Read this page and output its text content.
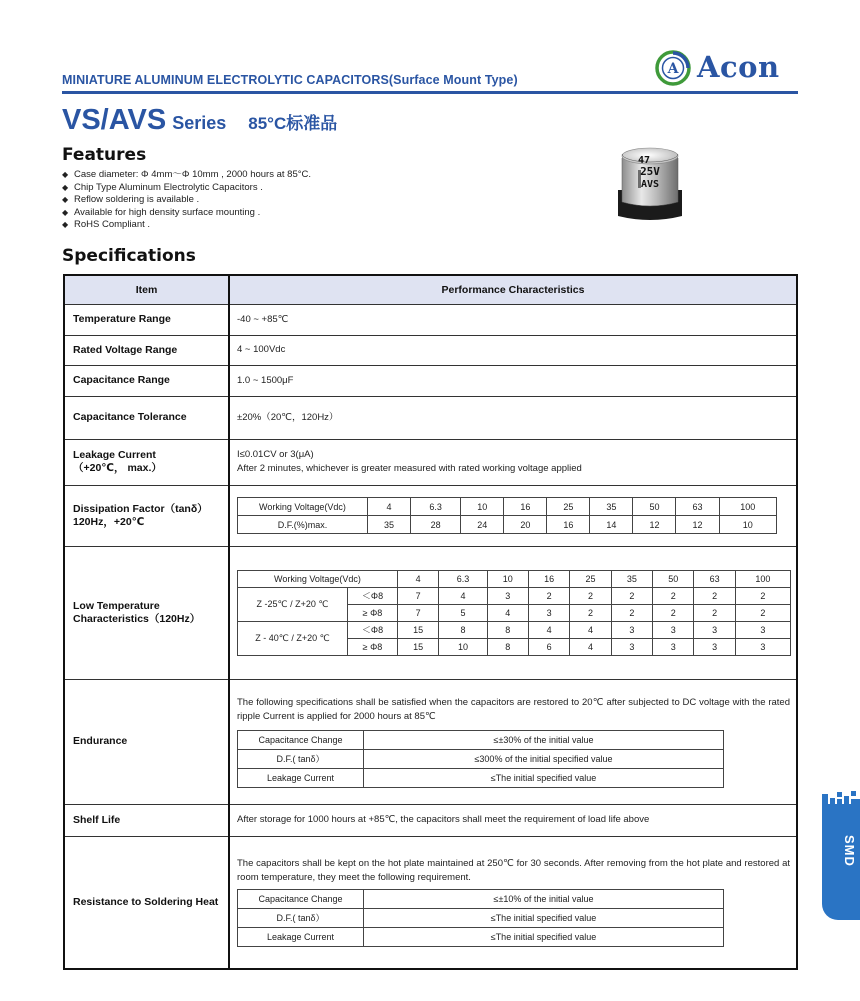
MINIATURE ALUMINUM ELECTROLYTIC CAPACITORS(Surface Mount Type)
A Acon
VS/AVS Series 85°C标准品
Features
◆ Case diameter: Φ 4mm～Φ 10mm , 2000 hours at 85°C.
◆ Chip Type Aluminum Electrolytic Capacitors .
◆ Reflow soldering is available .
◆ Available for high density surface mounting .
◆ RoHS Compliant .
47
25V
AVS
Specifications
Item	Performance Characteristics
Temperature Range	-40 ~ +85℃
Rated Voltage Range	4 ~ 100Vdc
Capacitance Range	1.0 ~ 1500μF
Capacitance Tolerance	±20%（20℃，120Hz）

Leakage Current
（+20℃， max.）

I≤0.01CV or 3(μA)

After 2 minutes, whichever is greater measured with rated working voltage applied

Dissipation Factor（tanδ）
120Hz，+20℃

Working Voltage(Vdc)	4	6.3	10	16	25	35	50	63	100
D.F.(%)max.	35	28	24	20	16	14	12	12	10

Low Temperature
Characteristics（120Hz）

Working Voltage(Vdc)	4	6.3	10	16	25	35	50	63	100
Z -25℃ / Z+20 ℃	＜Φ8	7	4	3	2	2	2	2	2	2
≥ Φ8	7	5	4	3	2	2	2	2	2
Z - 40℃ / Z+20 ℃	＜Φ8	15	8	8	4	4	3	3	3	3
≥ Φ8	15	10	8	6	4	3	3	3	3

Endurance	

The following specifications shall be satisfied when the capacitors are restored to 20℃ after subjected to DC voltage with the rated ripple Current is applied for 2000 hours at 85℃

Capacitance Change	≤±30% of the initial value
D.F.( tanδ）	≤300% of the initial specified value
Leakage Current	≤The initial specified value

Shelf Life	After storage for 1000 hours at +85℃, the capacitors shall meet the requirement of load life above
Resistance to Soldering Heat	

The capacitors shall be kept on the hot plate maintained at 250℃ for 30 seconds. After removing from the hot plate and restored at room temperature, they meet the following requirement.

Capacitance Change	≤±10% of the initial value
D.F.( tanδ）	≤The initial specified value
Leakage Current	≤The initial specified value
SMD
